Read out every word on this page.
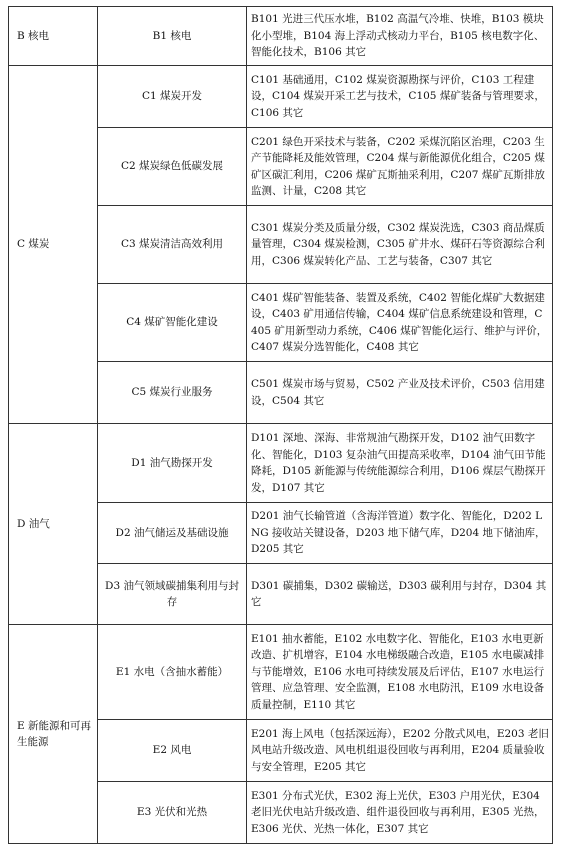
B 核电	B1 核电	B101 光进三代压水堆，B102 高温气冷堆、快堆，B103 模块化小型堆，B104 海上浮动式核动力平台，B105 核电数字化、智能化技术，B106 其它
C 煤炭	C1 煤炭开发	C101 基础通用，C102 煤炭资源勘探与评价，C103 工程建设，C104 煤炭开采工艺与技术，C105 煤矿装备与管理要求，C106 其它
	C2 煤炭绿色低碳发展	C201 绿色开采技术与装备，C202 采煤沉陷区治理，C203 生产节能降耗及能效管理，C204 煤与新能源优化组合，C205 煤矿区碳汇利用，C206 煤矿瓦斯抽采利用，C207 煤矿瓦斯排放监测、计量，C208 其它
	C3 煤炭清洁高效利用	C301 煤炭分类及质量分级，C302 煤炭洗选，C303 商品煤质量管理，C304 煤炭检测，C305 矿井水、煤矸石等资源综合利用，C306 煤炭转化产品、工艺与装备，C307 其它
	C4 煤矿智能化建设	C401 煤矿智能装备、装置及系统，C402 智能化煤矿大数据建设，C403 矿用通信传输，C404 煤矿信息系统建设和管理，C405 矿用新型动力系统，C406 煤矿智能化运行、维护与评价，C407 煤炭分选智能化，C408 其它
	C5 煤炭行业服务	C501 煤炭市场与贸易，C502 产业及技术评价，C503 信用建设，C504 其它
D 油气	D1 油气勘探开发	D101 深地、深海、非常规油气勘探开发，D102 油气田数字化、智能化，D103 复杂油气田提高采收率，D104 油气田节能降耗，D105 新能源与传统能源综合利用，D106 煤层气勘探开发，D107 其它
	D2 油气储运及基础设施	D201 油气长输管道（含海洋管道）数字化、智能化，D202 LNG 接收站关键设备，D203 地下储气库，D204 地下储油库，D205 其它
	D3 油气领域碳捕集利用与封存	D301 碳捕集，D302 碳输送，D303 碳利用与封存，D304 其它
E 新能源和可再生能源	E1 水电（含抽水蓄能）	E101 抽水蓄能，E102 水电数字化、智能化，E103 水电更新改造、扩机增容，E104 水电梯级融合改造，E105 水电碳减排与节能增效，E106 水电可持续发展及后评估，E107 水电运行管理、应急管理、安全监测，E108 水电防汛，E109 水电设备质量控制，E110 其它
	E2 风电	E201 海上风电（包括深远海），E202 分散式风电，E203 老旧风电站升级改造、风电机组退役回收与再利用，E204 质量验收与安全管理，E205 其它
	E3 光伏和光热	E301 分布式光伏，E302 海上光伏，E303 户用光伏，E304 老旧光伏电站升级改造、组件退役回收与再利用，E305 光热，E306 光伏、光热一体化，E307 其它
